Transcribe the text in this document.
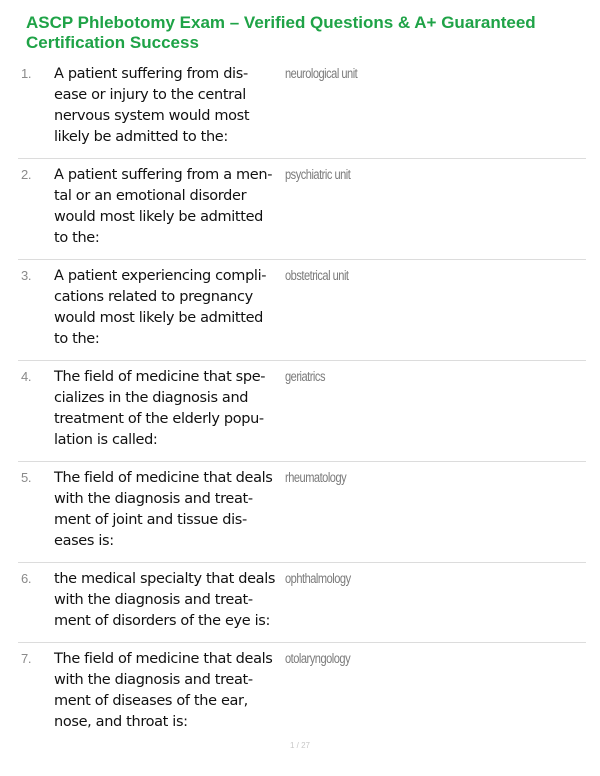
ASCP Phlebotomy Exam – Verified Questions & A+ Guaranteed Certification Success
1. A patient suffering from dis-
ease or injury to the central
nervous system would most
likely be admitted to the:
neurological unit
2. A patient suffering from a men-
tal or an emotional disorder
would most likely be admitted
to the:
psychiatric unit
3. A patient experiencing compli-
cations related to pregnancy
would most likely be admitted
to the:
obstetrical unit
4. The field of medicine that spe-
cializes in the diagnosis and
treatment of the elderly popu-
lation is called:
geriatrics
5. The field of medicine that deals
with the diagnosis and treat-
ment of joint and tissue dis-
eases is:
rheumatology
6. the medical specialty that deals
with the diagnosis and treat-
ment of disorders of the eye is:
ophthalmology
7. The field of medicine that deals
with the diagnosis and treat-
ment of diseases of the ear,
nose, and throat is:
otolaryngology
1 / 27
